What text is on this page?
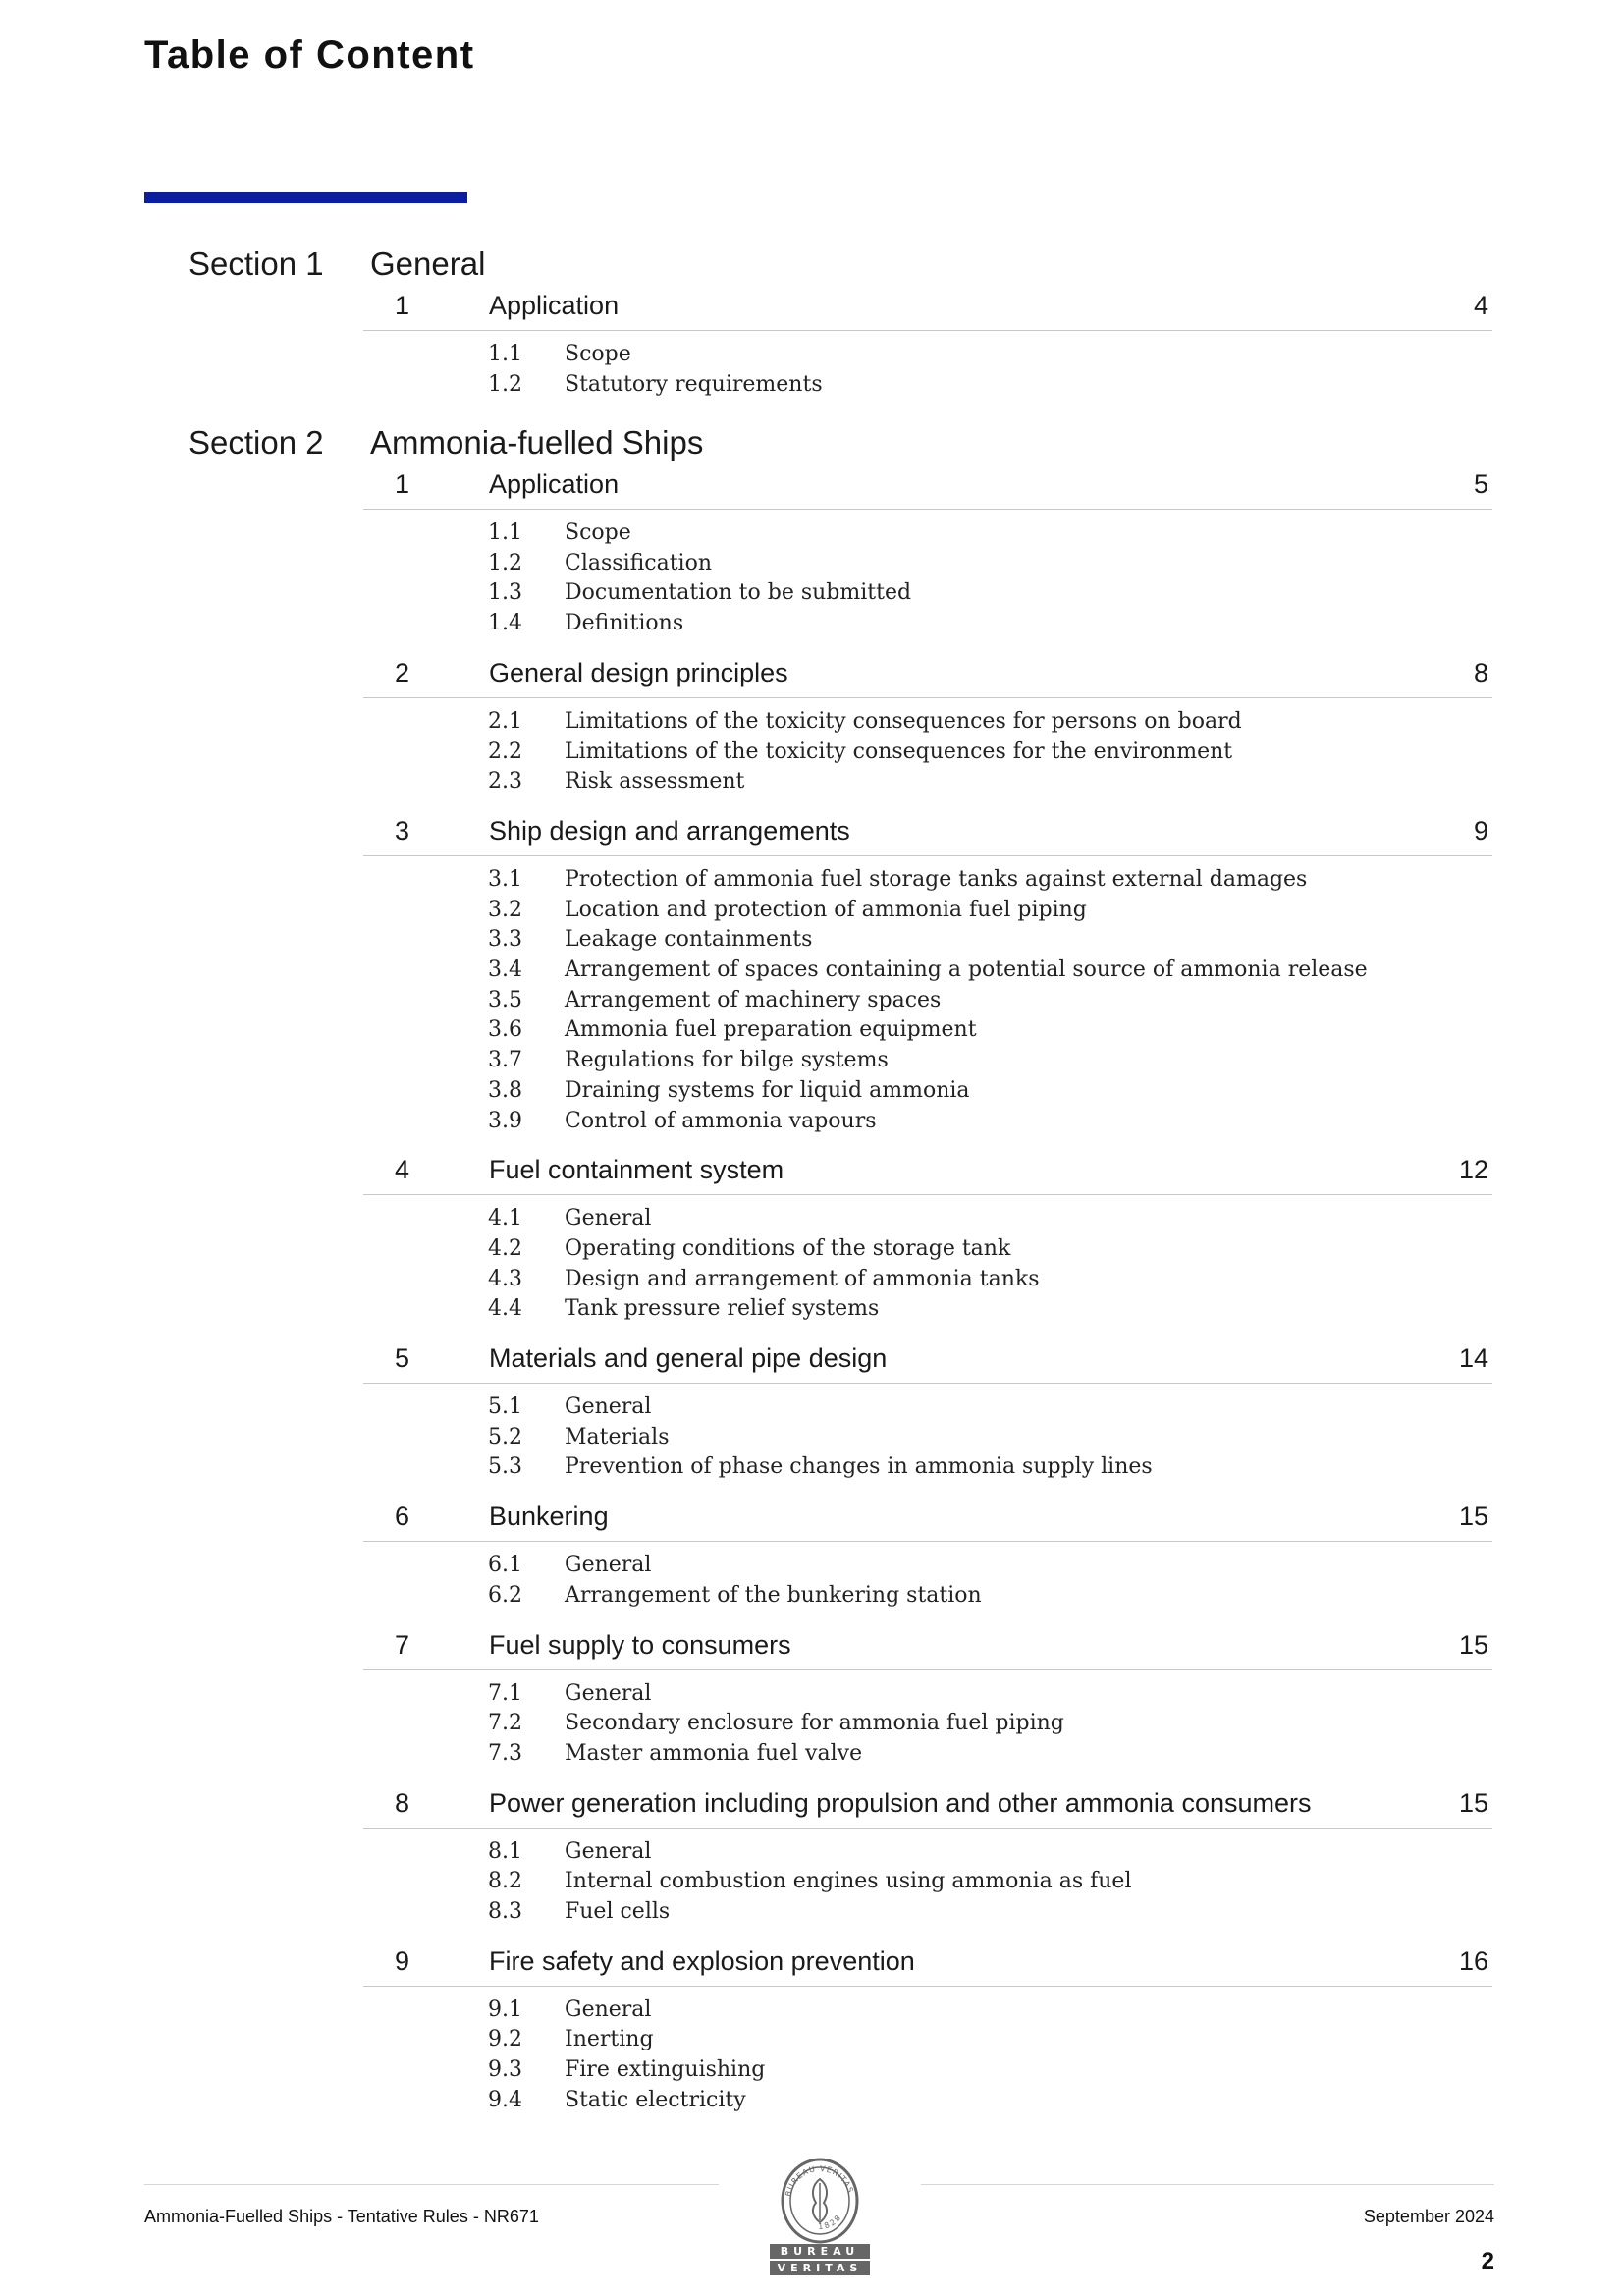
Table of Content
Section 1 General
1	Application	4
1.1 Scope
1.2 Statutory requirements
Section 2 Ammonia-fuelled Ships
1	Application	5
1.1 Scope
1.2 Classification
1.3 Documentation to be submitted
1.4 Definitions
2	General design principles	8
2.1 Limitations of the toxicity consequences for persons on board
2.2 Limitations of the toxicity consequences for the environment
2.3 Risk assessment
3	Ship design and arrangements	9
3.1 Protection of ammonia fuel storage tanks against external damages
3.2 Location and protection of ammonia fuel piping
3.3 Leakage containments
3.4 Arrangement of spaces containing a potential source of ammonia release
3.5 Arrangement of machinery spaces
3.6 Ammonia fuel preparation equipment
3.7 Regulations for bilge systems
3.8 Draining systems for liquid ammonia
3.9 Control of ammonia vapours
4	Fuel containment system	12
4.1 General
4.2 Operating conditions of the storage tank
4.3 Design and arrangement of ammonia tanks
4.4 Tank pressure relief systems
5	Materials and general pipe design	14
5.1 General
5.2 Materials
5.3 Prevention of phase changes in ammonia supply lines
6	Bunkering	15
6.1 General
6.2 Arrangement of the bunkering station
7	Fuel supply to consumers	15
7.1 General
7.2 Secondary enclosure for ammonia fuel piping
7.3 Master ammonia fuel valve
8	Power generation including propulsion and other ammonia consumers	15
8.1 General
8.2 Internal combustion engines using ammonia as fuel
8.3 Fuel cells
9	Fire safety and explosion prevention	16
9.1 General
9.2 Inerting
9.3 Fire extinguishing
9.4 Static electricity
Ammonia-Fuelled Ships - Tentative Rules - NR671	September 2024
2
BUREAU VERITAS
1828
BUREAU
VERITAS
